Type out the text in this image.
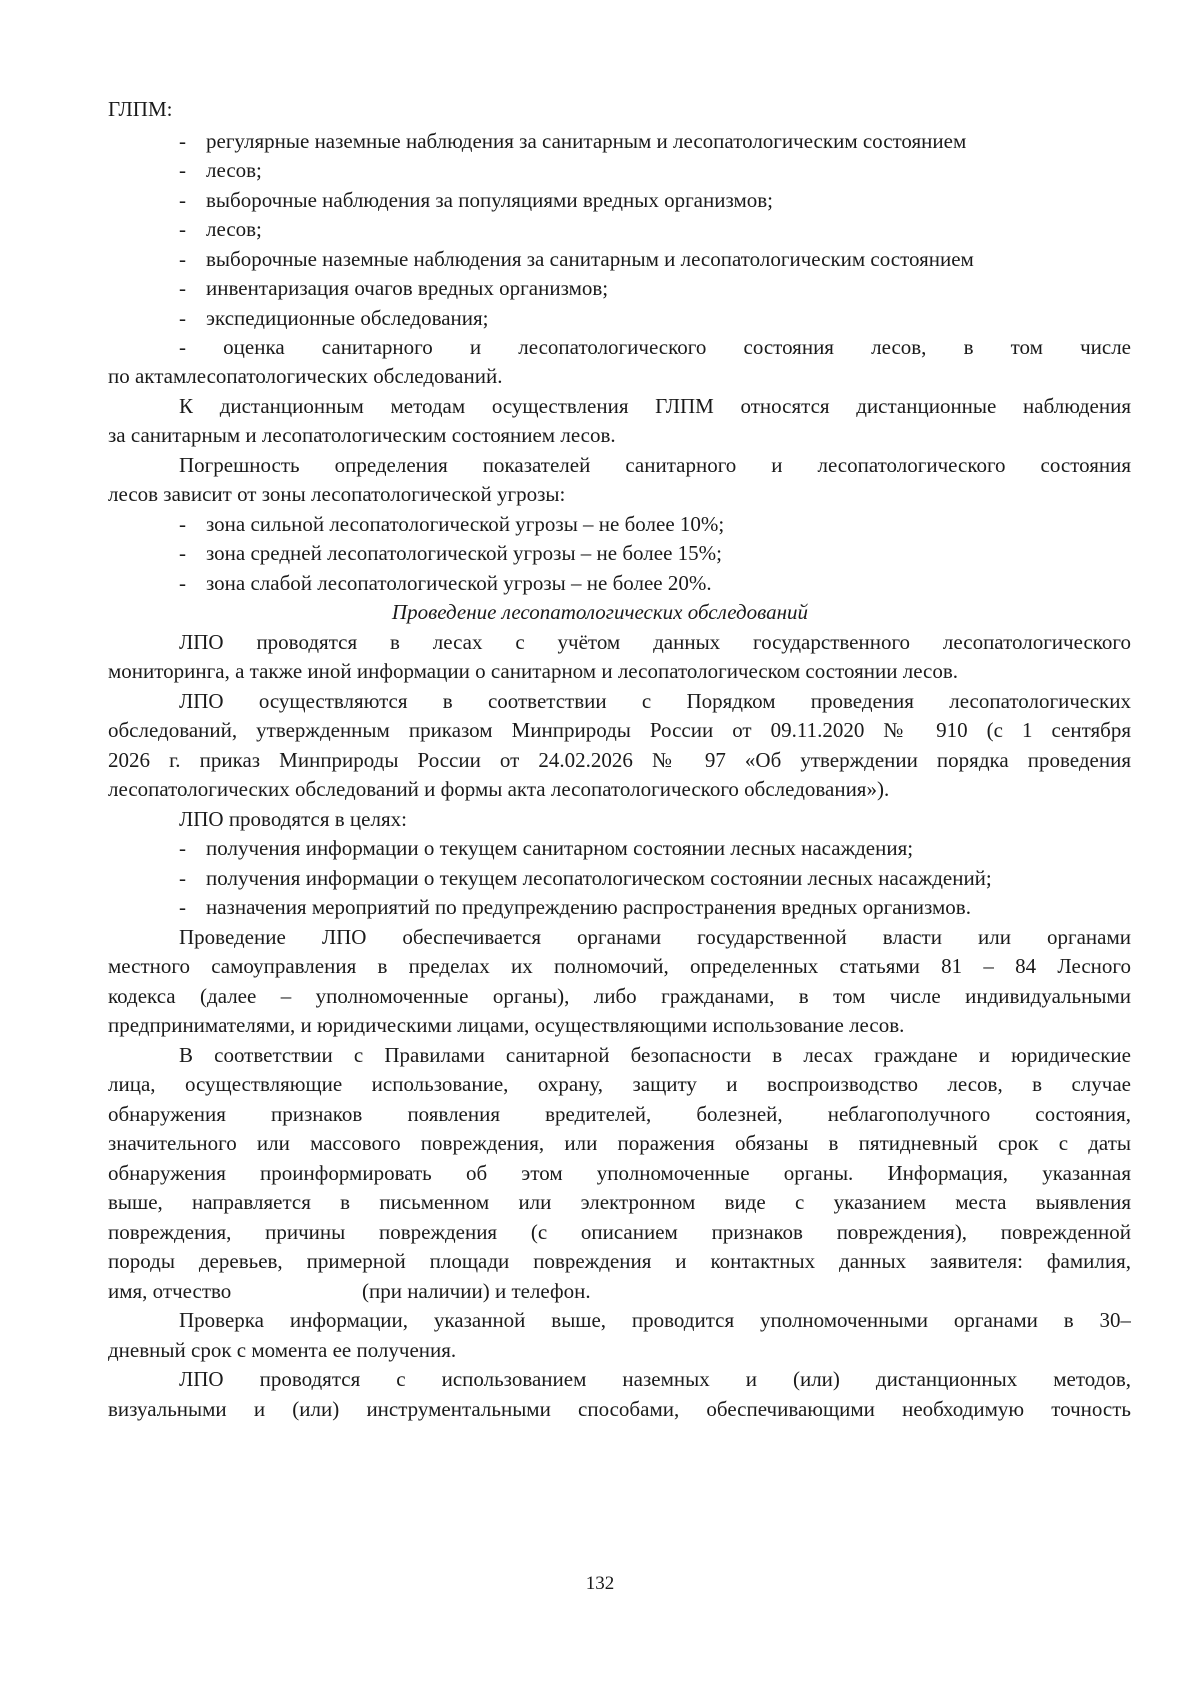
ГЛПМ:
- регулярные наземные наблюдения за санитарным и лесопатологическим состоянием
- лесов;
- выборочные наблюдения за популяциями вредных организмов;
- лесов;
- выборочные наземные наблюдения за санитарным и лесопатологическим состоянием
- инвентаризация очагов вредных организмов;
- экспедиционные обследования;
- оценка санитарного и лесопатологического состояния лесов, в том числе
по актамлесопатологических обследований.
К дистанционным методам осуществления ГЛПМ относятся дистанционные наблюдения
за санитарным и лесопатологическим состоянием лесов.
Погрешность определения показателей санитарного и лесопатологического состояния
лесов зависит от зоны лесопатологической угрозы:
- зона сильной лесопатологической угрозы – не более 10%;
- зона средней лесопатологической угрозы – не более 15%;
- зона слабой лесопатологической угрозы – не более 20%.
Проведение лесопатологических обследований
ЛПО проводятся в лесах с учётом данных государственного лесопатологического
мониторинга, а также иной информации о санитарном и лесопатологическом состоянии лесов.
ЛПО осуществляются в соответствии с Порядком проведения лесопатологических
обследований, утвержденным приказом Минприроды России от 09.11.2020 № 910 (с 1 сентября
2026 г. приказ Минприроды России от 24.02.2026 № 97 «Об утверждении порядка проведения
лесопатологических обследований и формы акта лесопатологического обследования»).
ЛПО проводятся в целях:
- получения информации о текущем санитарном состоянии лесных насаждения;
- получения информации о текущем лесопатологическом состоянии лесных насаждений;
- назначения мероприятий по предупреждению распространения вредных организмов.
Проведение ЛПО обеспечивается органами государственной власти или органами
местного самоуправления в пределах их полномочий, определенных статьями 81 – 84 Лесного
кодекса (далее – уполномоченные органы), либо гражданами, в том числе индивидуальными
предпринимателями, и юридическими лицами, осуществляющими использование лесов.
В соответствии с Правилами санитарной безопасности в лесах граждане и юридические
лица, осуществляющие использование, охрану, защиту и воспроизводство лесов, в случае
обнаружения признаков появления вредителей, болезней, неблагополучного состояния,
значительного или массового повреждения, или поражения обязаны в пятидневный срок с даты
обнаружения проинформировать об этом уполномоченные органы. Информация, указанная
выше, направляется в письменном или электронном виде с указанием места выявления
повреждения, причины повреждения (с описанием признаков повреждения), поврежденной
породы деревьев, примерной площади повреждения и контактных данных заявителя: фамилия,
имя, отчество	(при наличии) и телефон.
Проверка информации, указанной выше, проводится уполномоченными органами в 30–
дневный срок с момента ее получения.
ЛПО проводятся с использованием наземных и (или) дистанционных методов,
визуальными и (или) инструментальными способами, обеспечивающими необходимую точность
132
